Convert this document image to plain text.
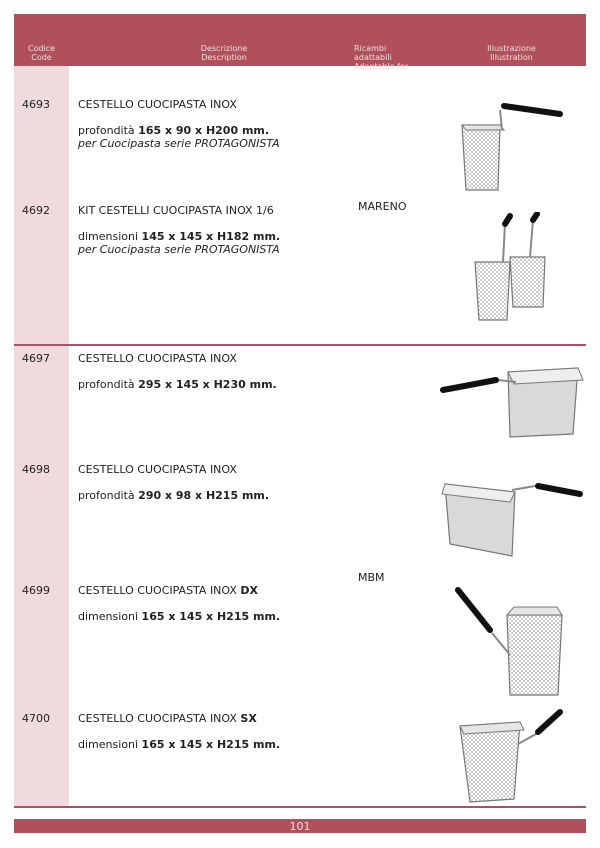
Codice
Code
Descrizione
Description
Ricambi adattabili
Adaptable for
Illustrazione
Illustration
4693	CESTELLO CUOCIPASTA INOX
profondità 165 x 90 x H200 mm.
per Cuocipasta serie PROTAGONISTA
4692	KIT CESTELLI CUOCIPASTA INOX 1/6
dimensioni 145 x 145 x H182 mm.
per Cuocipasta serie PROTAGONISTA
MARENO
4697	CESTELLO CUOCIPASTA INOX
profondità 295 x 145 x H230 mm.
4698	CESTELLO CUOCIPASTA INOX
profondità 290 x 98 x H215 mm.
MBM
4699	CESTELLO CUOCIPASTA INOX DX
dimensioni 165 x 145 x H215 mm.
4700	CESTELLO CUOCIPASTA INOX SX
dimensioni 165 x 145 x H215 mm.
101
